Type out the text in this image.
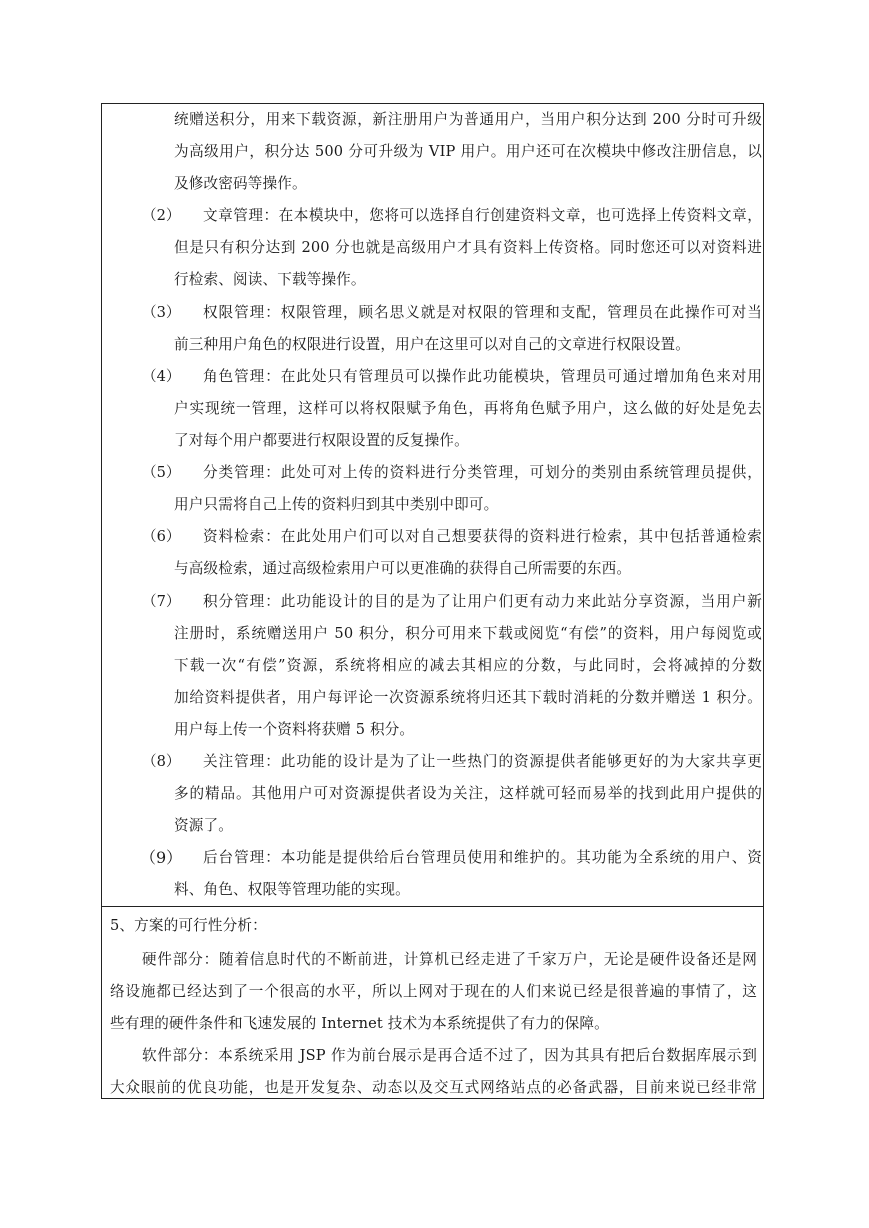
统赠送积分，用来下载资源，新注册用户为普通用户，当用户积分达到 200 分时可升级
为高级用户，积分达 500 分可升级为 VIP 用户。用户还可在次模块中修改注册信息，以
及修改密码等操作。
（2） 文章管理：在本模块中，您将可以选择自行创建资料文章，也可选择上传资料文章，
但是只有积分达到 200 分也就是高级用户才具有资料上传资格。同时您还可以对资料进
行检索、阅读、下载等操作。
（3） 权限管理：权限管理，顾名思义就是对权限的管理和支配，管理员在此操作可对当
前三种用户角色的权限进行设置，用户在这里可以对自己的文章进行权限设置。
（4） 角色管理：在此处只有管理员可以操作此功能模块，管理员可通过增加角色来对用
户实现统一管理，这样可以将权限赋予角色，再将角色赋予用户，这么做的好处是免去
了对每个用户都要进行权限设置的反复操作。
（5） 分类管理：此处可对上传的资料进行分类管理，可划分的类别由系统管理员提供，
用户只需将自己上传的资料归到其中类别中即可。
（6） 资料检索：在此处用户们可以对自己想要获得的资料进行检索，其中包括普通检索
与高级检索，通过高级检索用户可以更准确的获得自己所需要的东西。
（7） 积分管理：此功能设计的目的是为了让用户们更有动力来此站分享资源，当用户新
注册时，系统赠送用户 50 积分，积分可用来下载或阅览“有偿”的资料，用户每阅览或
下载一次“有偿”资源，系统将相应的减去其相应的分数，与此同时，会将减掉的分数
加给资料提供者，用户每评论一次资源系统将归还其下载时消耗的分数并赠送 1 积分。
用户每上传一个资料将获赠 5 积分。
（8） 关注管理：此功能的设计是为了让一些热门的资源提供者能够更好的为大家共享更
多的精品。其他用户可对资源提供者设为关注，这样就可轻而易举的找到此用户提供的
资源了。
（9） 后台管理：本功能是提供给后台管理员使用和维护的。其功能为全系统的用户、资
料、角色、权限等管理功能的实现。
5、方案的可行性分析：
硬件部分：随着信息时代的不断前进，计算机已经走进了千家万户，无论是硬件设备还是网
络设施都已经达到了一个很高的水平，所以上网对于现在的人们来说已经是很普遍的事情了，这
些有理的硬件条件和飞速发展的 Internet 技术为本系统提供了有力的保障。
软件部分：本系统采用 JSP 作为前台展示是再合适不过了，因为其具有把后台数据库展示到
大众眼前的优良功能，也是开发复杂、动态以及交互式网络站点的必备武器，目前来说已经非常
